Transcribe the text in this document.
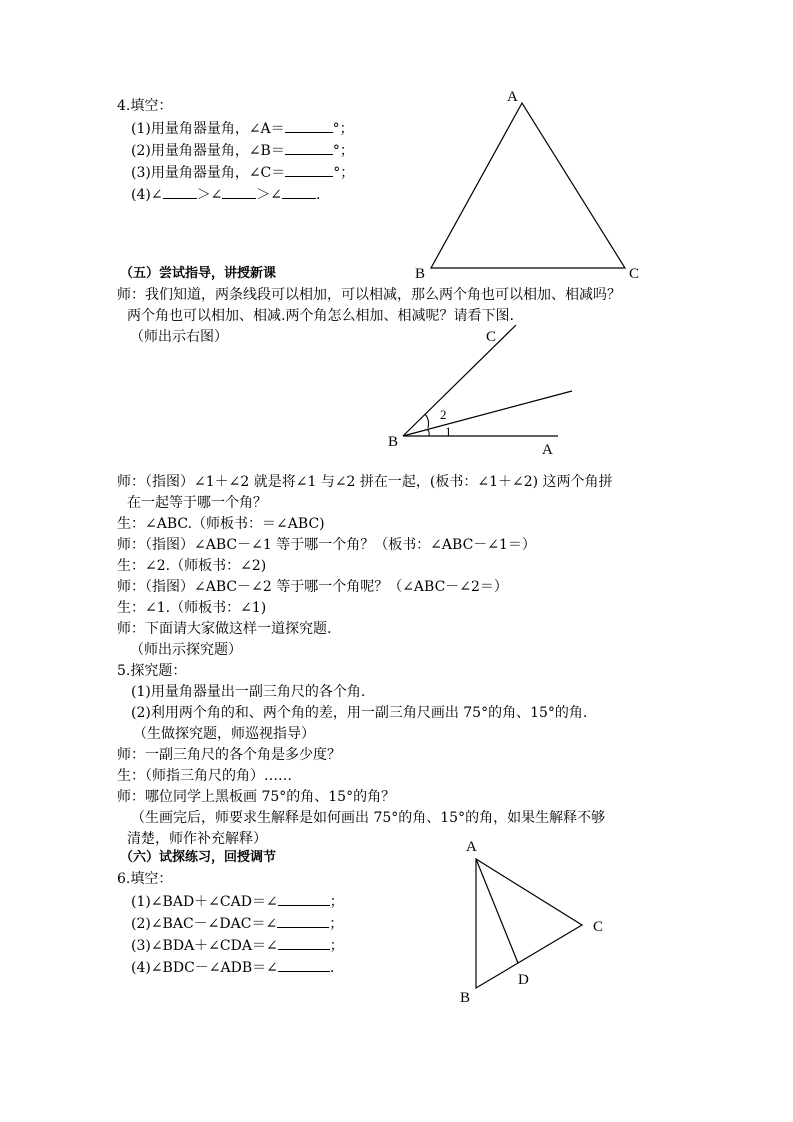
4.填空：
(1)用量角器量角，∠A＝	°；
(2)用量角器量角，∠B＝	°；
(3)用量角器量角，∠C＝	°；
(4)∠ ＞∠ ＞∠ .
A
B	C
（五）尝试指导，讲授新课
师：我们知道，两条线段可以相加，可以相减，那么两个角也可以相加、相减吗？
两个角也可以相加、相减.两个角怎么相加、相减呢？请看下图.
（师出示右图）	C
B	A
2
1
师：（指图）∠1＋∠2 就是将∠1 与∠2 拼在一起，(板书：∠1＋∠2) 这两个角拼
在一起等于哪一个角？
生：∠ABC.（师板书：＝∠ABC)
师：（指图）∠ABC－∠1 等于哪一个角？（板书：∠ABC－∠1＝）
生：∠2.（师板书：∠2)
师：（指图）∠ABC－∠2 等于哪一个角呢？（∠ABC－∠2＝）
生：∠1.（师板书：∠1)
师：下面请大家做这样一道探究题.
（师出示探究题）
5.探究题：
(1)用量角器量出一副三角尺的各个角.
(2)利用两个角的和、两个角的差，用一副三角尺画出 75°的角、15°的角.
（生做探究题，师巡视指导）
师：一副三角尺的各个角是多少度？
生：（师指三角尺的角）……
师：哪位同学上黑板画 75°的角、15°的角？
（生画完后，师要求生解释是如何画出 75°的角、15°的角，如果生解释不够
清楚，师作补充解释）
（六）试探练习，回授调节
6.填空：
(1)∠BAD＋∠CAD＝∠	；
(2)∠BAC－∠DAC＝∠	；
(3)∠BDA＋∠CDA＝∠	；
(4)∠BDC－∠ADB＝∠	.
A
B
C
D
